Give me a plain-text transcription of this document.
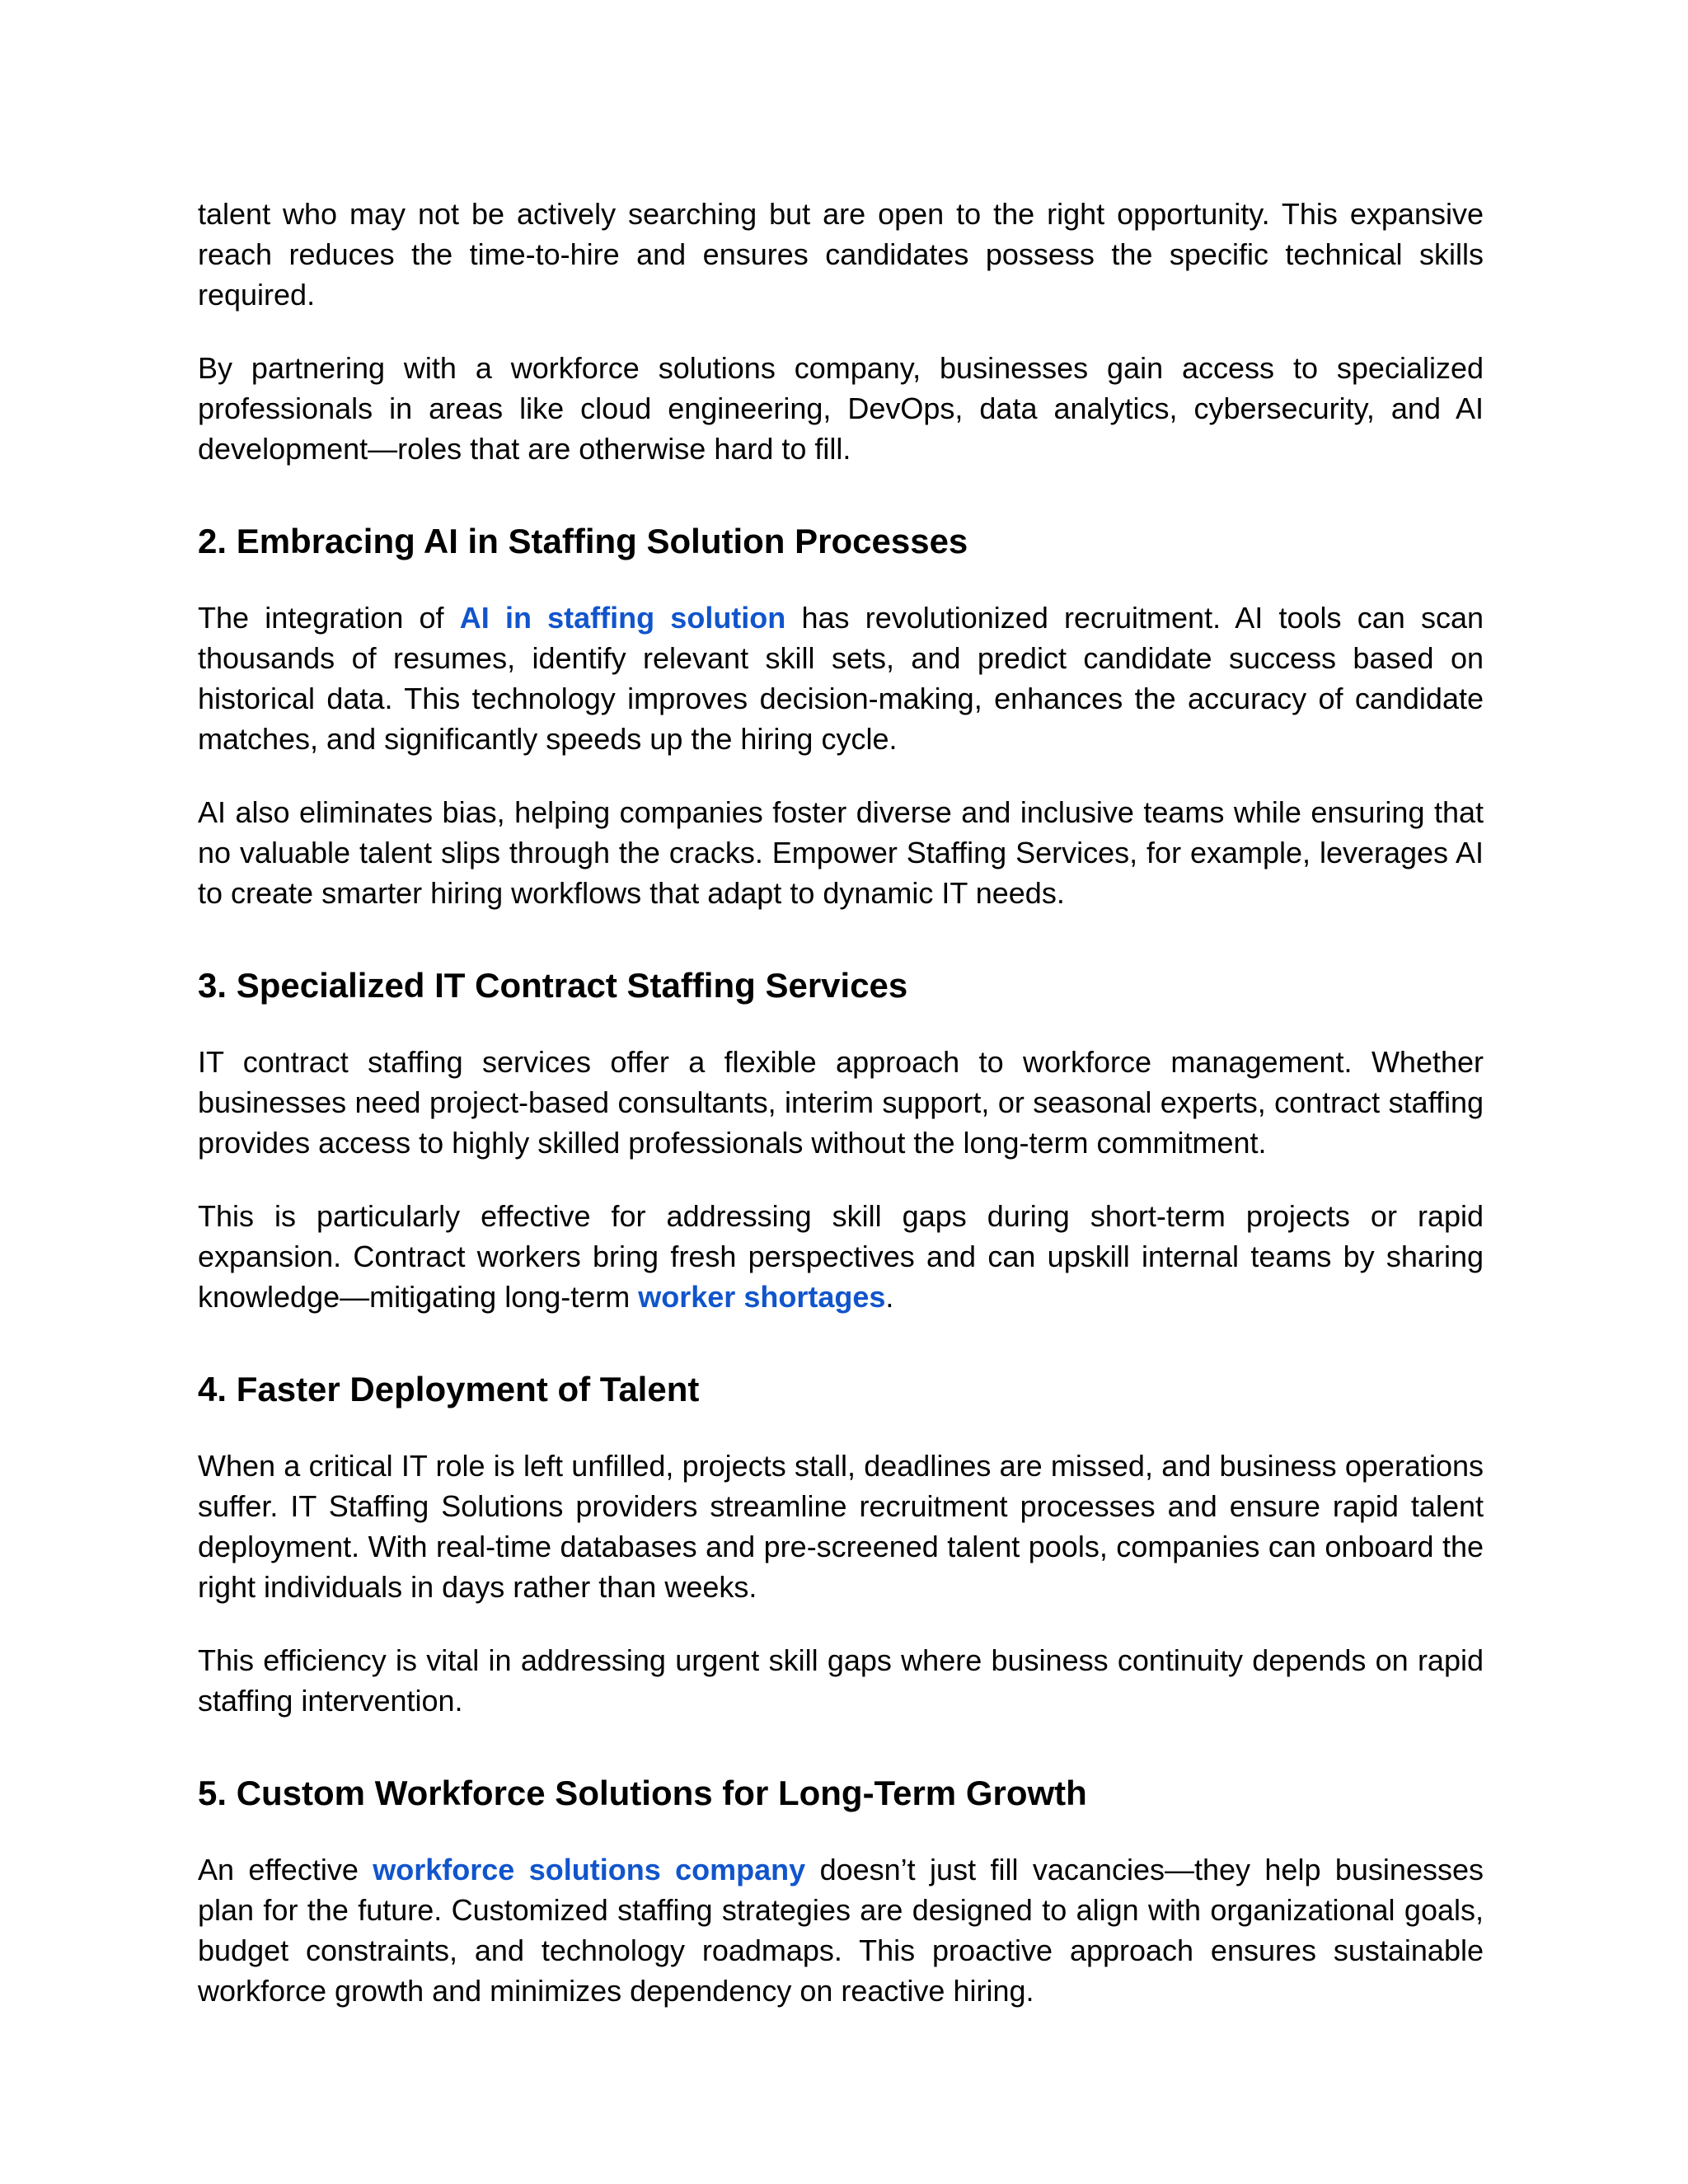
talent who may not be actively searching but are open to the right opportunity. This expansive reach reduces the time-to-hire and ensures candidates possess the specific technical skills required.

By partnering with a workforce solutions company, businesses gain access to specialized professionals in areas like cloud engineering, DevOps, data analytics, cybersecurity, and AI development—roles that are otherwise hard to fill.

2. Embracing AI in Staffing Solution Processes

The integration of AI in staffing solution has revolutionized recruitment. AI tools can scan thousands of resumes, identify relevant skill sets, and predict candidate success based on historical data. This technology improves decision-making, enhances the accuracy of candidate matches, and significantly speeds up the hiring cycle.

AI also eliminates bias, helping companies foster diverse and inclusive teams while ensuring that no valuable talent slips through the cracks. Empower Staffing Services, for example, leverages AI to create smarter hiring workflows that adapt to dynamic IT needs.

3. Specialized IT Contract Staffing Services

IT contract staffing services offer a flexible approach to workforce management. Whether businesses need project-based consultants, interim support, or seasonal experts, contract staffing provides access to highly skilled professionals without the long-term commitment.

This is particularly effective for addressing skill gaps during short-term projects or rapid expansion. Contract workers bring fresh perspectives and can upskill internal teams by sharing knowledge—mitigating long-term worker shortages.

4. Faster Deployment of Talent

When a critical IT role is left unfilled, projects stall, deadlines are missed, and business operations suffer. IT Staffing Solutions providers streamline recruitment processes and ensure rapid talent deployment. With real-time databases and pre-screened talent pools, companies can onboard the right individuals in days rather than weeks.

This efficiency is vital in addressing urgent skill gaps where business continuity depends on rapid staffing intervention.

5. Custom Workforce Solutions for Long-Term Growth

An effective workforce solutions company doesn’t just fill vacancies—they help businesses plan for the future. Customized staffing strategies are designed to align with organizational goals, budget constraints, and technology roadmaps. This proactive approach ensures sustainable workforce growth and minimizes dependency on reactive hiring.
